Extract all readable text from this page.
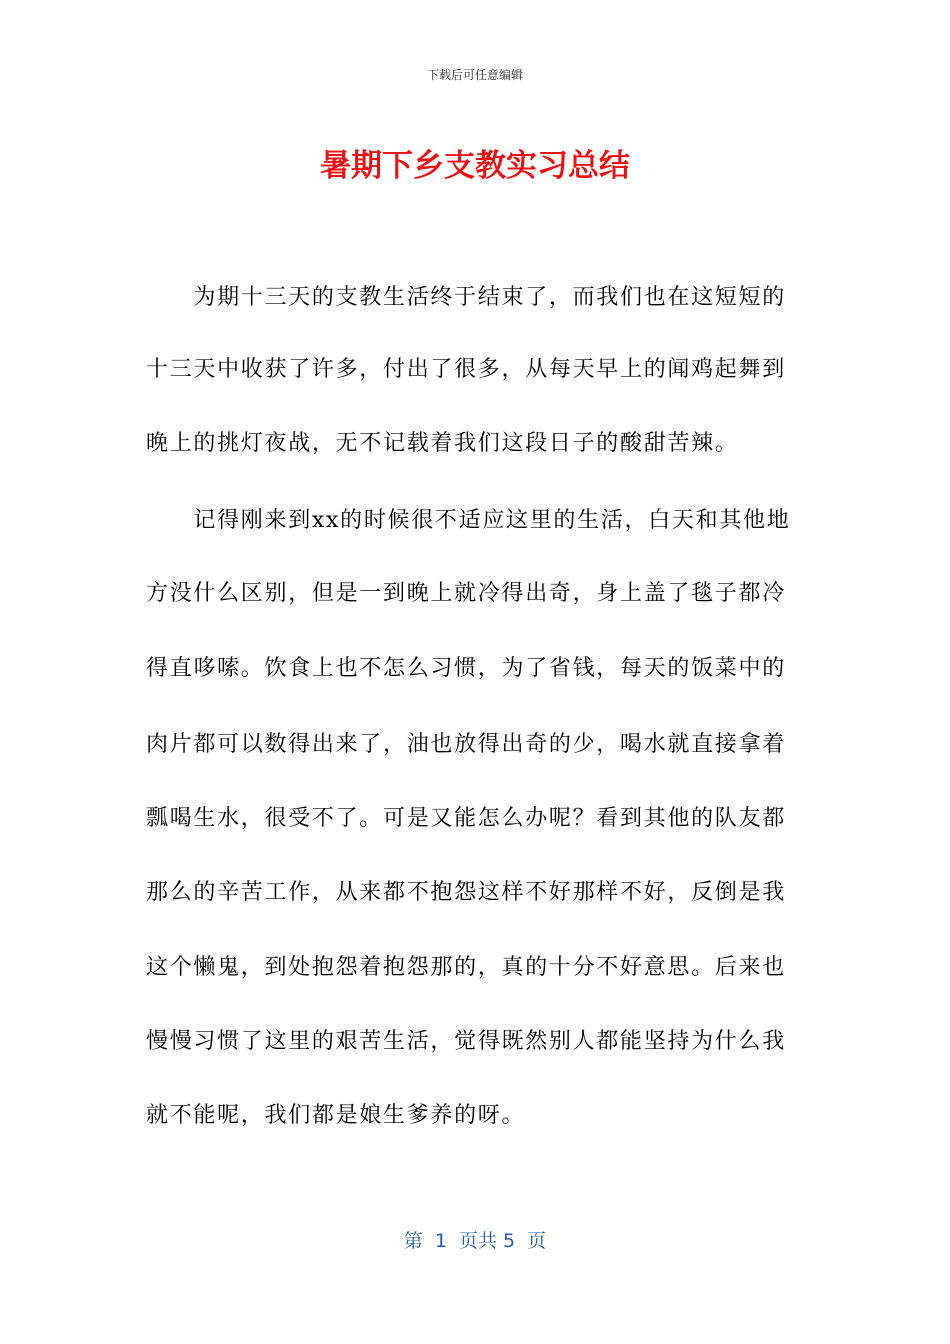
下载后可任意编辑
暑期下乡支教实习总结
　　为期十三天的支教生活终于结束了，而我们也在这短短的
十三天中收获了许多，付出了很多，从每天早上的闻鸡起舞到
晚上的挑灯夜战，无不记载着我们这段日子的酸甜苦辣。
　　记得刚来到xx的时候很不适应这里的生活，白天和其他地
方没什么区别，但是一到晚上就冷得出奇，身上盖了毯子都冷
得直哆嗦。饮食上也不怎么习惯，为了省钱，每天的饭菜中的
肉片都可以数得出来了，油也放得出奇的少，喝水就直接拿着
瓢喝生水，很受不了。可是又能怎么办呢？看到其他的队友都
那么的辛苦工作，从来都不抱怨这样不好那样不好，反倒是我
这个懒鬼，到处抱怨着抱怨那的，真的十分不好意思。后来也
慢慢习惯了这里的艰苦生活，觉得既然别人都能坚持为什么我
就不能呢，我们都是娘生爹养的呀。
第  1  页共 5  页
